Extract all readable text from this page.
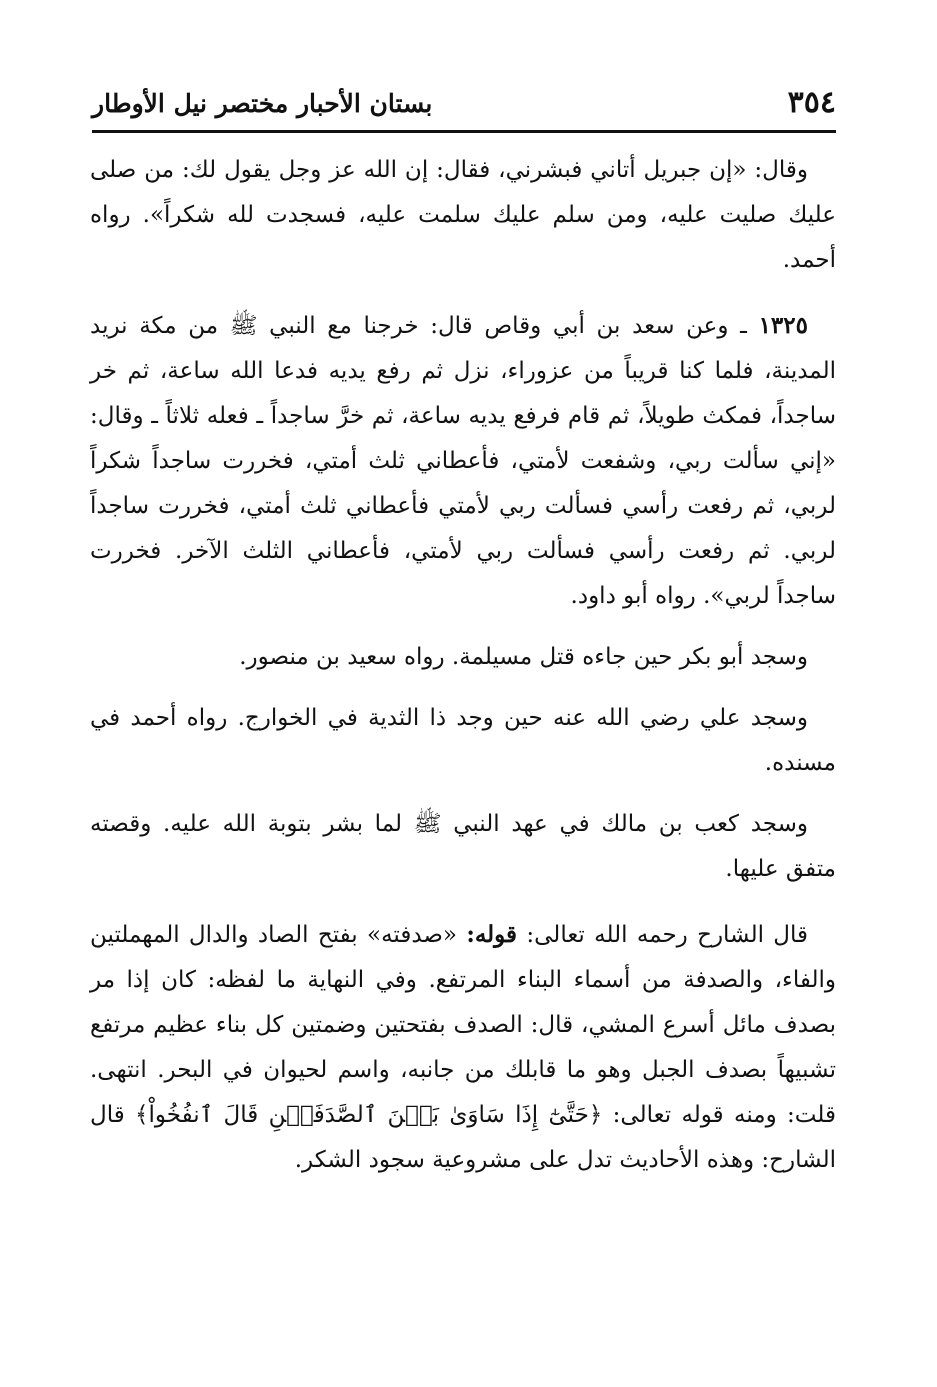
٣٥٤
بستان الأحبار مختصر نيل الأوطار

وقال: «إن جبريل أتاني فبشرني، فقال: إن الله عز وجل يقول لك: من صلى عليك صليت عليه، ومن سلم عليك سلمت عليه، فسجدت لله شكراً». رواه أحمد.

١٣٢٥ ـ وعن سعد بن أبي وقاص قال: خرجنا مع النبي ﷺ من مكة نريد المدينة، فلما كنا قريباً من عزوراء، نزل ثم رفع يديه فدعا الله ساعة، ثم خر ساجداً، فمكث طويلاً، ثم قام فرفع يديه ساعة، ثم خرَّ ساجداً ـ فعله ثلاثاً ـ وقال: «إني سألت ربي، وشفعت لأمتي، فأعطاني ثلث أمتي، فخررت ساجداً شكراً لربي، ثم رفعت رأسي فسألت ربي لأمتي فأعطاني ثلث أمتي، فخررت ساجداً لربي. ثم رفعت رأسي فسألت ربي لأمتي، فأعطاني الثلث الآخر. فخررت ساجداً لربي». رواه أبو داود.

وسجد أبو بكر حين جاءه قتل مسيلمة. رواه سعيد بن منصور.

وسجد علي رضي الله عنه حين وجد ذا الثدية في الخوارج. رواه أحمد في مسنده.

وسجد كعب بن مالك في عهد النبي ﷺ لما بشر بتوبة الله عليه. وقصته متفق عليها.

قال الشارح رحمه الله تعالى: قوله: «صدفته» بفتح الصاد والدال المهملتين والفاء، والصدفة من أسماء البناء المرتفع. وفي النهاية ما لفظه: كان إذا مر بصدف مائل أسرع المشي، قال: الصدف بفتحتين وضمتين كل بناء عظيم مرتفع تشبيهاً بصدف الجبل وهو ما قابلك من جانبه، واسم لحيوان في البحر. انتهى. قلت: ومنه قوله تعالى: ﴿حَتَّىٰٓ إِذَا سَاوَىٰ بَيۡنَ ٱلصَّدَفَيۡنِ قَالَ ٱنفُخُواْ﴾ قال الشارح: وهذه الأحاديث تدل على مشروعية سجود الشكر.
